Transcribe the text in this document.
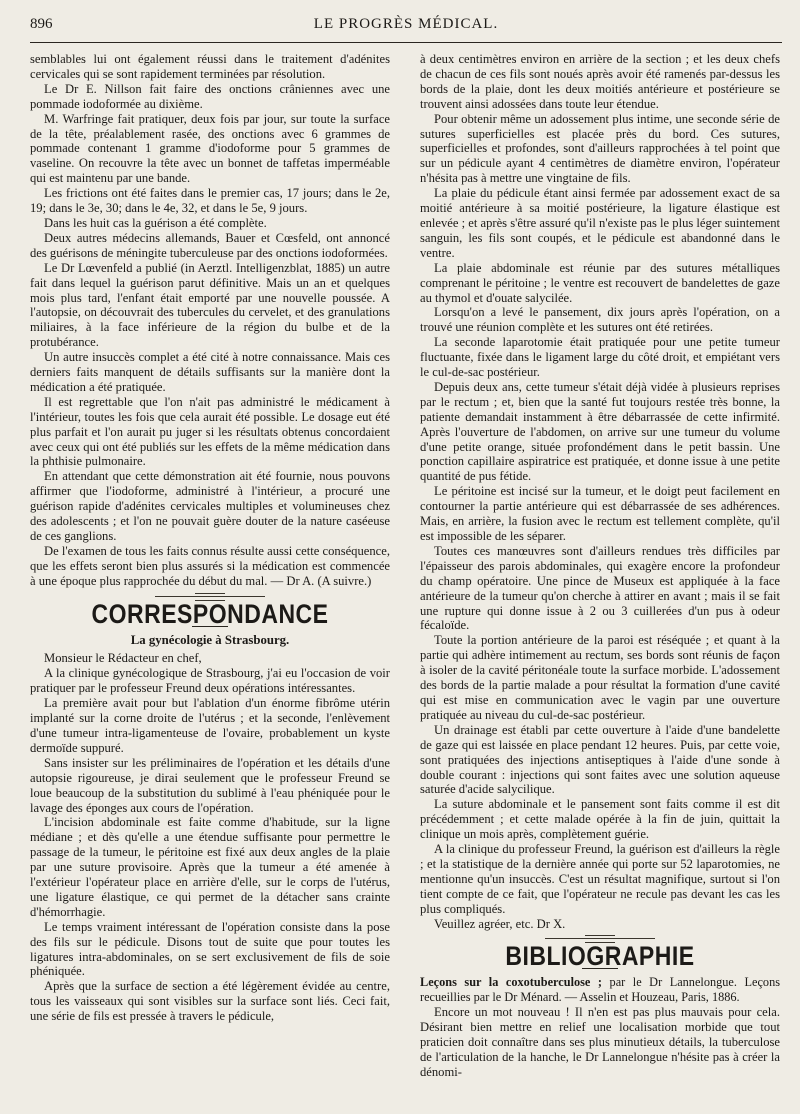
896	LE PROGRÈS MÉDICAL.

semblables lui ont également réussi dans le traitement d'adénites cervicales qui se sont rapidement terminées par résolution.

Le Dr E. Nillson fait faire des onctions crâniennes avec une pommade iodoformée au dixième.

M. Warfringe fait pratiquer, deux fois par jour, sur toute la surface de la tête, préalablement rasée, des onctions avec 6 grammes de pommade contenant 1 gramme d'iodoforme pour 5 grammes de vaseline. On recouvre la tête avec un bonnet de taffetas imperméable qui est maintenu par une bande.

Les frictions ont été faites dans le premier cas, 17 jours; dans le 2e, 19; dans le 3e, 30; dans le 4e, 32, et dans le 5e, 9 jours.

Dans les huit cas la guérison a été complète.

Deux autres médecins allemands, Bauer et Cœsfeld, ont annoncé des guérisons de méningite tuberculeuse par des onctions iodoformées.

Le Dr Lœvenfeld a publié (in Aerztl. Intelligenzblat, 1885) un autre fait dans lequel la guérison parut définitive. Mais un an et quelques mois plus tard, l'enfant était emporté par une nouvelle poussée. A l'autopsie, on découvrait des tubercules du cervelet, et des granulations miliaires, à la face inférieure de la région du bulbe et de la protubérance.

Un autre insuccès complet a été cité à notre connaissance. Mais ces derniers faits manquent de détails suffisants sur la manière dont la médication a été pratiquée.

Il est regrettable que l'on n'ait pas administré le médicament à l'intérieur, toutes les fois que cela aurait été possible. Le dosage eut été plus parfait et l'on aurait pu juger si les résultats obtenus concordaient avec ceux qui ont été publiés sur les effets de la même médication dans la phthisie pulmonaire.

En attendant que cette démonstration ait été fournie, nous pouvons affirmer que l'iodoforme, administré à l'intérieur, a procuré une guérison rapide d'adénites cervicales multiples et volumineuses chez des adolescents ; et l'on ne pouvait guère douter de la nature caséeuse de ces ganglions.

De l'examen de tous les faits connus résulte aussi cette conséquence, que les effets seront bien plus assurés si la médication est commencée à une époque plus rapprochée du début du mal. — Dr A. (A suivre.)

CORRESPONDANCE
La gynécologie à Strasbourg.

Monsieur le Rédacteur en chef,

A la clinique gynécologique de Strasbourg, j'ai eu l'occasion de voir pratiquer par le professeur Freund deux opérations intéressantes.

La première avait pour but l'ablation d'un énorme fibrôme utérin implanté sur la corne droite de l'utérus ; et la seconde, l'enlèvement d'une tumeur intra-ligamenteuse de l'ovaire, probablement un kyste dermoïde suppuré.

Sans insister sur les préliminaires de l'opération et les détails d'une autopsie rigoureuse, je dirai seulement que le professeur Freund se loue beaucoup de la substitution du sublimé à l'eau phéniquée pour le lavage des éponges aux cours de l'opération.

L'incision abdominale est faite comme d'habitude, sur la ligne médiane ; et dès qu'elle a une étendue suffisante pour permettre le passage de la tumeur, le péritoine est fixé aux deux angles de la plaie par une suture provisoire. Après que la tumeur a été amenée à l'extérieur l'opérateur place en arrière d'elle, sur le corps de l'utérus, une ligature élastique, ce qui permet de la détacher sans crainte d'hémorrhagie.

Le temps vraiment intéressant de l'opération consiste dans la pose des fils sur le pédicule. Disons tout de suite que pour toutes les ligatures intra-abdominales, on se sert exclusivement de fils de soie phéniquée.

Après que la surface de section a été légèrement évidée au centre, tous les vaisseaux qui sont visibles sur la surface sont liés. Ceci fait, une série de fils est pressée à travers le pédicule,

à deux centimètres environ en arrière de la section ; et les deux chefs de chacun de ces fils sont noués après avoir été ramenés par-dessus les bords de la plaie, dont les deux moitiés antérieure et postérieure se trouvent ainsi adossées dans toute leur étendue.

Pour obtenir même un adossement plus intime, une seconde série de sutures superficielles est placée près du bord. Ces sutures, superficielles et profondes, sont d'ailleurs rapprochées à tel point que sur un pédicule ayant 4 centimètres de diamètre environ, l'opérateur n'hésita pas à mettre une vingtaine de fils.

La plaie du pédicule étant ainsi fermée par adossement exact de sa moitié antérieure à sa moitié postérieure, la ligature élastique est enlevée ; et après s'être assuré qu'il n'existe pas le plus léger suintement sanguin, les fils sont coupés, et le pédicule est abandonné dans le ventre.

La plaie abdominale est réunie par des sutures métalliques comprenant le péritoine ; le ventre est recouvert de bandelettes de gaze au thymol et d'ouate salycilée.

Lorsqu'on a levé le pansement, dix jours après l'opération, on a trouvé une réunion complète et les sutures ont été retirées.

La seconde laparotomie était pratiquée pour une petite tumeur fluctuante, fixée dans le ligament large du côté droit, et empiétant vers le cul-de-sac postérieur.

Depuis deux ans, cette tumeur s'était déjà vidée à plusieurs reprises par le rectum ; et, bien que la santé fut toujours restée très bonne, la patiente demandait instamment à être débarrassée de cette infirmité. Après l'ouverture de l'abdomen, on arrive sur une tumeur du volume d'une petite orange, située profondément dans le petit bassin. Une ponction capillaire aspiratrice est pratiquée, et donne issue à une petite quantité de pus fétide.

Le péritoine est incisé sur la tumeur, et le doigt peut facilement en contourner la partie antérieure qui est débarrassée de ses adhérences. Mais, en arrière, la fusion avec le rectum est tellement complète, qu'il est impossible de les séparer.

Toutes ces manœuvres sont d'ailleurs rendues très difficiles par l'épaisseur des parois abdominales, qui exagère encore la profondeur du champ opératoire. Une pince de Museux est appliquée à la face antérieure de la tumeur qu'on cherche à attirer en avant ; mais il se fait une rupture qui donne issue à 2 ou 3 cuillerées d'un pus à odeur fécaloïde.

Toute la portion antérieure de la paroi est réséquée ; et quant à la partie qui adhère intimement au rectum, ses bords sont réunis de façon à isoler de la cavité péritonéale toute la surface morbide. L'adossement des bords de la partie malade a pour résultat la formation d'une cavité qui est mise en communication avec le vagin par une ouverture pratiquée au niveau du cul-de-sac postérieur.

Un drainage est établi par cette ouverture à l'aide d'une bandelette de gaze qui est laissée en place pendant 12 heures. Puis, par cette voie, sont pratiquées des injections antiseptiques à l'aide d'une sonde à double courant : injections qui sont faites avec une solution aqueuse saturée d'acide salycilique.

La suture abdominale et le pansement sont faits comme il est dit précédemment ; et cette malade opérée à la fin de juin, quittait la clinique un mois après, complètement guérie.

A la clinique du professeur Freund, la guérison est d'ailleurs la règle ; et la statistique de la dernière année qui porte sur 52 laparotomies, ne mentionne qu'un insuccès. C'est un résultat magnifique, surtout si l'on tient compte de ce fait, que l'opérateur ne recule pas devant les cas les plus compliqués.

Veuillez agréer, etc. Dr X.

BIBLIOGRAPHIE

Leçons sur la coxotuberculose ; par le Dr Lannelongue. Leçons recueillies par le Dr Ménard. — Asselin et Houzeau, Paris, 1886.

Encore un mot nouveau ! Il n'en est pas plus mauvais pour cela. Désirant bien mettre en relief une localisation morbide que tout praticien doit connaître dans ses plus minutieux détails, la tuberculose de l'articulation de la hanche, le Dr Lannelongue n'hésite pas à créer la dénomi-
